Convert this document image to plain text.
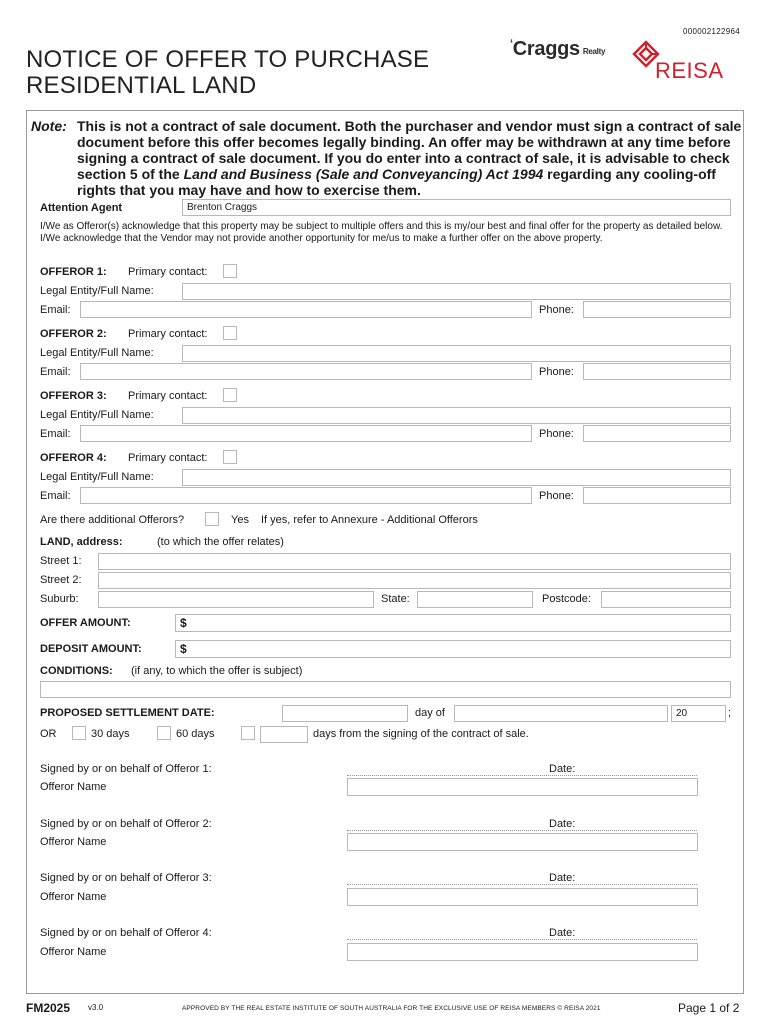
000002122964
NOTICE OF OFFER TO PURCHASE
RESIDENTIAL LAND
$^ʻ$Craggs $^{Realty}$
REISA
Note: This is not a contract of sale document. Both the purchaser and vendor must sign a contract of sale document before this offer becomes legally binding. An offer may be withdrawn at any time before signing a contract of sale document. If you do enter into a contract of sale, it is advisable to check section 5 of the Land and Business (Sale and Conveyancing) Act 1994 regarding any cooling-off rights that you may have and how to exercise them.
Attention Agent	Brenton Craggs
I/We as Offeror(s) acknowledge that this property may be subject to multiple offers and this is my/our best and final offer for the property as detailed below. I/We acknowledge that the Vendor may not provide another opportunity for me/us to make a further offer on the above property.
OFFEROR 1: Primary contact:
Legal Entity/Full Name:
Email:	Phone:
OFFEROR 2: Primary contact:
Legal Entity/Full Name:
Email:	Phone:
OFFEROR 3: Primary contact:
Legal Entity/Full Name:
Email:	Phone:
OFFEROR 4: Primary contact:
Legal Entity/Full Name:
Email:	Phone:
Are there additional Offerors?	Yes If yes, refer to Annexure - Additional Offerors
LAND, address:	(to which the offer relates)
Street 1:
Street 2:
Suburb:	State:	Postcode:
OFFER AMOUNT:	$
DEPOSIT AMOUNT:	$
CONDITIONS: (if any, to which the offer is subject)
PROPOSED SETTLEMENT DATE:	day of	20	;
OR	30 days	60 days	days from the signing of the contract of sale.
Signed by or on behalf of Offeror 1:	Date:
Offeror Name
Signed by or on behalf of Offeror 2:	Date:
Offeror Name
Signed by or on behalf of Offeror 3:	Date:
Offeror Name
Signed by or on behalf of Offeror 4:	Date:
Offeror Name
FM2025 v3.0	APPROVED BY THE REAL ESTATE INSTITUTE OF SOUTH AUSTRALIA FOR THE EXCLUSIVE USE OF REISA MEMBERS © REISA 2021	Page 1 of 2
